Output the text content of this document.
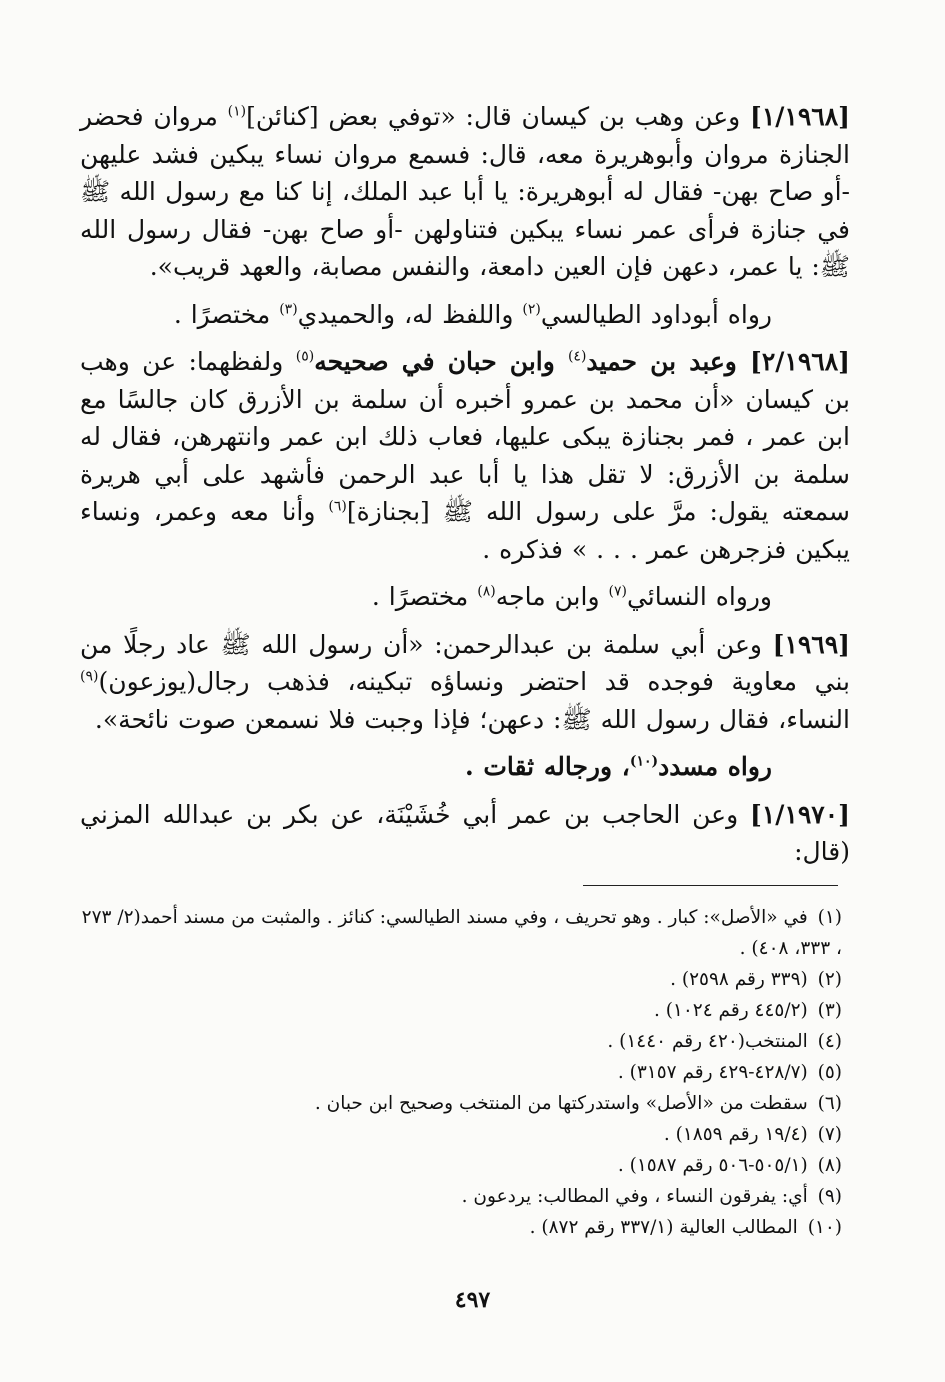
[١/١٩٦٨] وعن وهب بن كيسان قال: «توفي بعض [كنائن]$^{(١)}$ مروان فحضر الجنازة مروان وأبوهريرة معه، قال: فسمع مروان نساء يبكين فشد عليهن -أو صاح بهن- فقال له أبوهريرة: يا أبا عبد الملك، إنا كنا مع رسول الله ﷺ في جنازة فرأى عمر نساء يبكين فتناولهن -أو صاح بهن- فقال رسول الله ﷺ: يا عمر، دعهن فإن العين دامعة، والنفس مصابة، والعهد قريب».

رواه أبوداود الطيالسي$^{(٢)}$ واللفظ له، والحميدي$^{(٣)}$ مختصرًا .

[٢/١٩٦٨] وعبد بن حميد$^{(٤)}$ وابن حبان في صحيحه$^{(٥)}$ ولفظهما: عن وهب بن كيسان «أن محمد بن عمرو أخبره أن سلمة بن الأزرق كان جالسًا مع ابن عمر ، فمر بجنازة يبكى عليها، فعاب ذلك ابن عمر وانتهرهن، فقال له سلمة بن الأزرق: لا تقل هذا يا أبا عبد الرحمن فأشهد على أبي هريرة سمعته يقول: مرَّ على رسول الله ﷺ [بجنازة]$^{(٦)}$ وأنا معه وعمر، ونساء يبكين فزجرهن عمر . . . » فذكره .

ورواه النسائي$^{(٧)}$ وابن ماجه$^{(٨)}$ مختصرًا .

[١٩٦٩] وعن أبي سلمة بن عبدالرحمن: «أن رسول الله ﷺ عاد رجلًا من بني معاوية فوجده قد احتضر ونساؤه تبكينه، فذهب رجال(يوزعون)$^{(٩)}$ النساء، فقال رسول الله ﷺ: دعهن؛ فإذا وجبت فلا نسمعن صوت نائحة».

رواه مسدد$^{(١٠)}$، ورجاله ثقات .

[١/١٩٧٠] وعن الحاجب بن عمر أبي خُشَيْنَة، عن بكر بن عبدالله المزني (قال:

(١) في «الأصل»: كبار . وهو تحريف ، وفي مسند الطيالسي: كنائز . والمثبت من مسند أحمد(٢/ ٢٧٣ ، ٣٣٣، ٤٠٨) .

(٢) (٣٣٩ رقم ٢٥٩٨) .

(٣) (٤٤٥/٢ رقم ١٠٢٤) .

(٤) المنتخب(٤٢٠ رقم ١٤٤٠) .

(٥) (٤٢٨/٧-٤٢٩ رقم ٣١٥٧) .

(٦) سقطت من «الأصل» واستدركتها من المنتخب وصحيح ابن حبان .

(٧) (١٩/٤ رقم ١٨٥٩) .

(٨) (٥٠٥/١-٥٠٦ رقم ١٥٨٧) .

(٩) أي: يفرقون النساء ، وفي المطالب: يردعون .

(١٠) المطالب العالية (٣٣٧/١ رقم ٨٧٢) .

٤٩٧
